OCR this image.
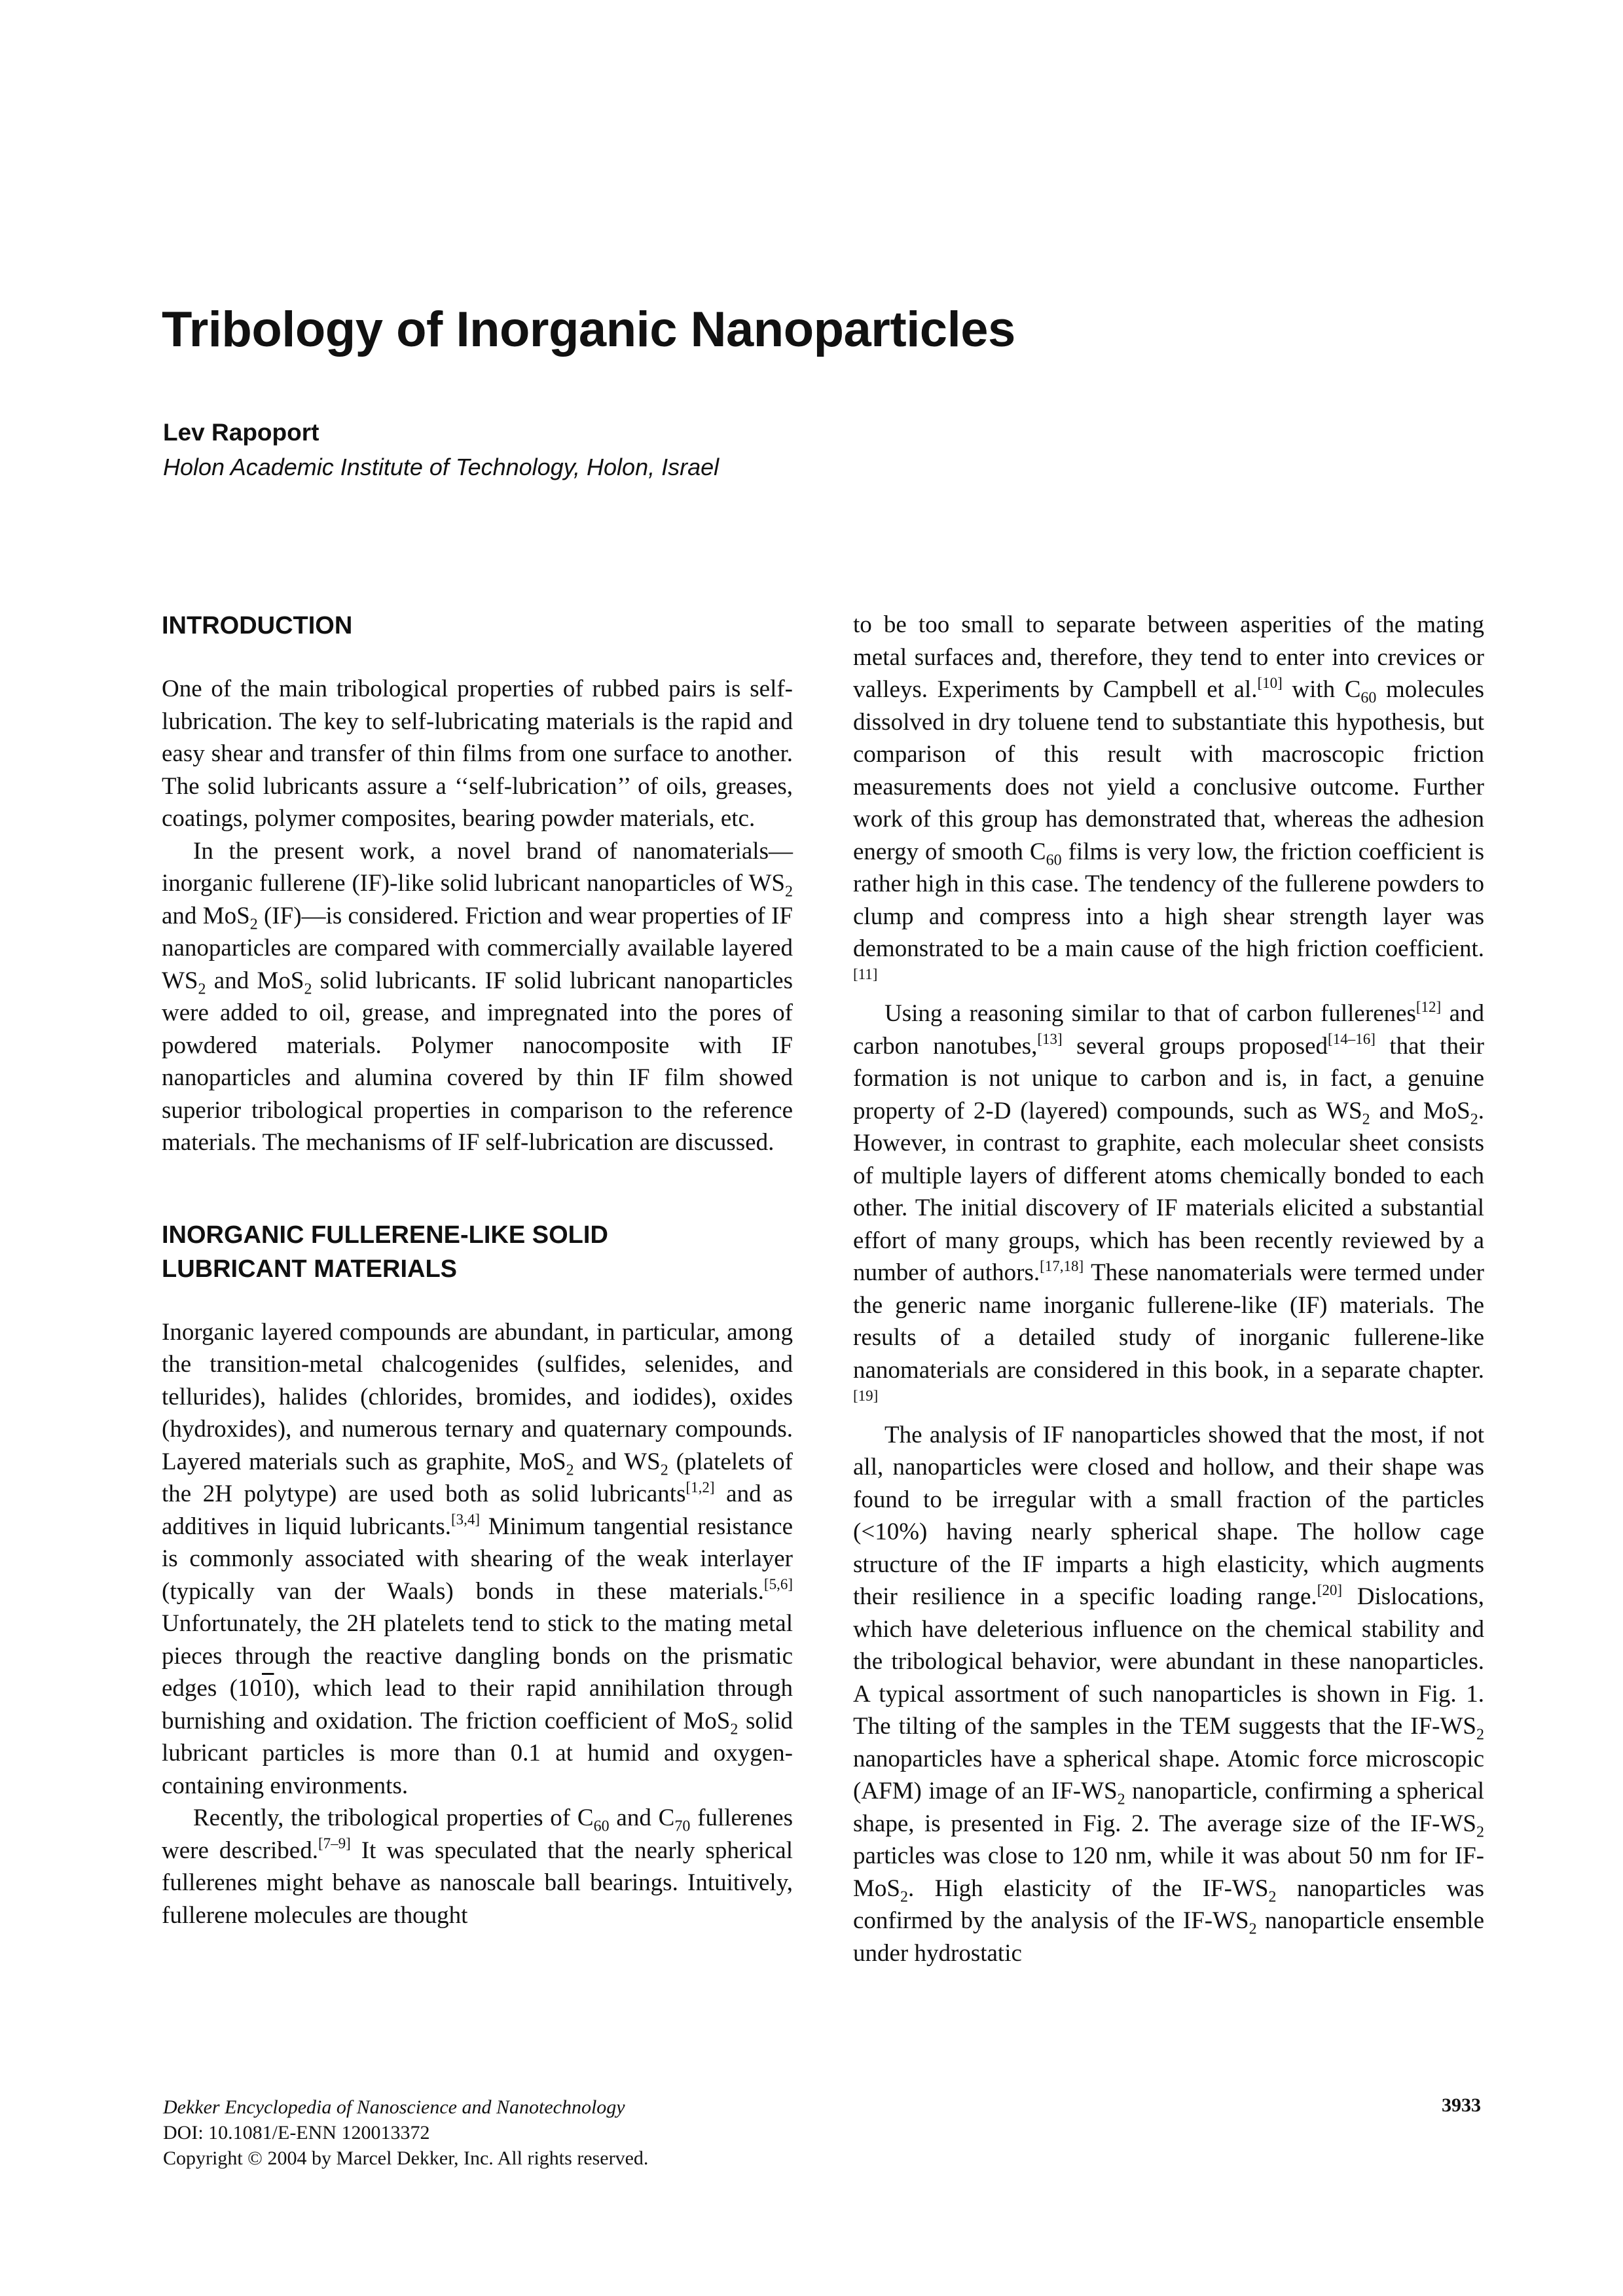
Tribology of Inorganic Nanoparticles
Lev Rapoport
Holon Academic Institute of Technology, Holon, Israel
INTRODUCTION

One of the main tribological properties of rubbed pairs is self-lubrication. The key to self-lubricating materials is the rapid and easy shear and transfer of thin films from one surface to another. The solid lubricants assure a ‘‘self-lubrication’’ of oils, greases, coatings, polymer composites, bearing powder materials, etc.

In the present work, a novel brand of nanomaterials—inorganic fullerene (IF)-like solid lubricant nanoparticles of $WS_2$ and MoS$_2$ (IF)—is considered. Friction and wear properties of IF nanoparticles are compared with commercially available layered $WS_2$ and MoS$_2$ solid lubricants. IF solid lubricant nanoparticles were added to oil, grease, and impregnated into the pores of powdered materials. Polymer nanocomposite with IF nanoparticles and alumina covered by thin IF film showed superior tribological properties in comparison to the reference materials. The mechanisms of IF self-lubrication are discussed.

INORGANIC FULLERENE-LIKE SOLID
LUBRICANT MATERIALS

Inorganic layered compounds are abundant, in particular, among the transition-metal chalcogenides (sulfides, selenides, and tellurides), halides (chlorides, bromides, and iodides), oxides (hydroxides), and numerous ternary and quaternary compounds. Layered materials such as graphite, MoS$_2$ and $WS_2$ (platelets of the 2H polytype) are used both as solid lubricants[1,2] and as additives in liquid lubricants.[3,4] Minimum tangential resistance is commonly associated with shearing of the weak interlayer (typically van der Waals) bonds in these materials.[5,6] Unfortunately, the 2H platelets tend to stick to the mating metal pieces through the reactive dangling bonds on the prismatic edges (1010), which lead to their rapid annihilation through burnishing and oxidation. The friction coefficient of MoS$_2$ solid lubricant particles is more than 0.1 at humid and oxygen-containing environments.

Recently, the tribological properties of $C_{60}$ and $C_{70}$ fullerenes were described.[7–9] It was speculated that the nearly spherical fullerenes might behave as nanoscale ball bearings. Intuitively, fullerene molecules are thought

to be too small to separate between asperities of the mating metal surfaces and, therefore, they tend to enter into crevices or valleys. Experiments by Campbell et al.[10] with $C_{60}$ molecules dissolved in dry toluene tend to substantiate this hypothesis, but comparison of this result with macroscopic friction measurements does not yield a conclusive outcome. Further work of this group has demonstrated that, whereas the adhesion energy of smooth $C_{60}$ films is very low, the friction coefficient is rather high in this case. The tendency of the fullerene powders to clump and compress into a high shear strength layer was demonstrated to be a main cause of the high friction coefficient.[11]

Using a reasoning similar to that of carbon fullerenes[12] and carbon nanotubes,[13] several groups proposed[14–16] that their formation is not unique to carbon and is, in fact, a genuine property of 2-D (layered) compounds, such as $WS_2$ and MoS$_2$. However, in contrast to graphite, each molecular sheet consists of multiple layers of different atoms chemically bonded to each other. The initial discovery of IF materials elicited a substantial effort of many groups, which has been recently reviewed by a number of authors.[17,18] These nanomaterials were termed under the generic name inorganic fullerene-like (IF) materials. The results of a detailed study of inorganic fullerene-like nanomaterials are considered in this book, in a separate chapter.[19]

The analysis of IF nanoparticles showed that the most, if not all, nanoparticles were closed and hollow, and their shape was found to be irregular with a small fraction of the particles (<10%) having nearly spherical shape. The hollow cage structure of the IF imparts a high elasticity, which augments their resilience in a specific loading range.[20] Dislocations, which have deleterious influence on the chemical stability and the tribological behavior, were abundant in these nanoparticles. A typical assortment of such nanoparticles is shown in Fig. 1. The tilting of the samples in the TEM suggests that the $IF-WS_2$ nanoparticles have a spherical shape. Atomic force microscopic (AFM) image of an $IF-WS_2$ nanoparticle, confirming a spherical shape, is presented in Fig. 2. The average size of the $IF-WS_2$ particles was close to 120 nm, while it was about 50 nm for IF-MoS$_2$. High elasticity of the $IF-WS_2$ nanoparticles was confirmed by the analysis of the $IF-WS_2$ nanoparticle ensemble under hydrostatic

Dekker Encyclopedia of Nanoscience and Nanotechnology
DOI: 10.1081/E-ENN 120013372
Copyright © 2004 by Marcel Dekker, Inc. All rights reserved.
3933
